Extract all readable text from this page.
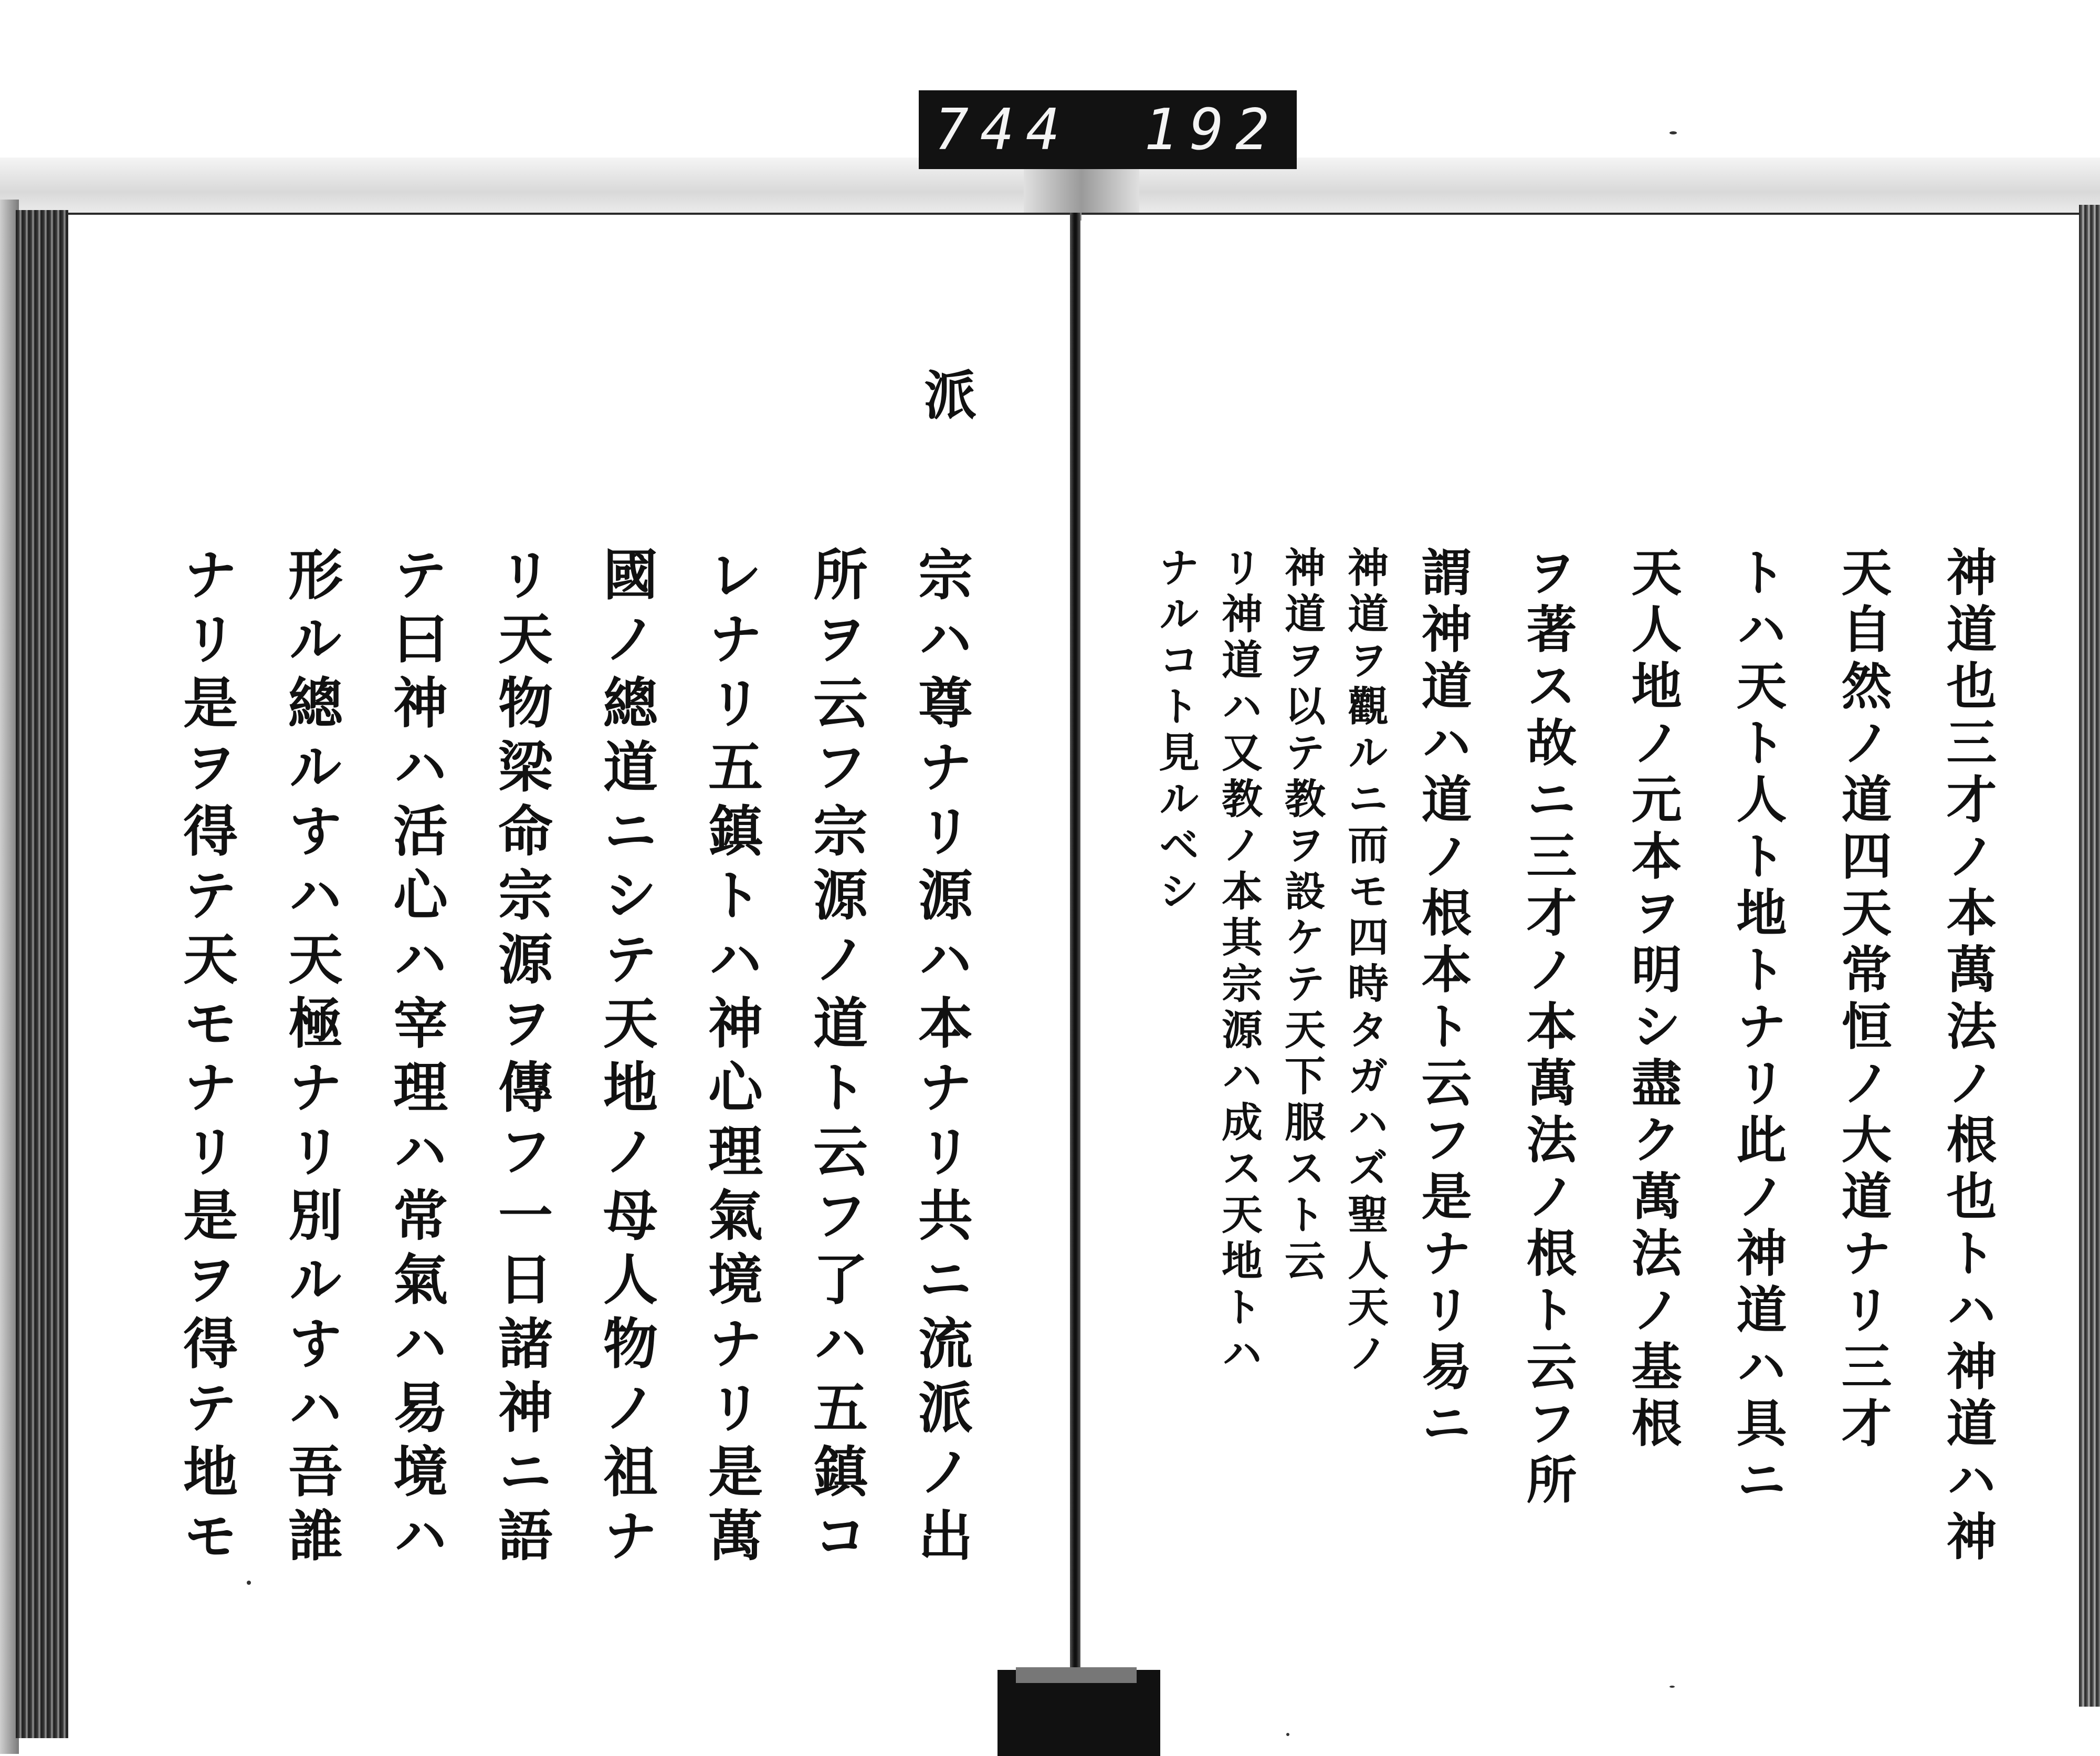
744 192
派
宗ハ尊ナリ源ハ本ナリ共ニ流派ノ出
所ヲ云フ宗源ノ道ト云フ了ハ五鎮コ
レナリ五鎮トハ神心理氣境ナリ是萬
國ノ總道ニシテ天地ノ母人物ノ祖ナ
リ天物梁命宗源ヲ傳フ一日諸神ニ語
テ曰神ハ活心ハ宰理ハ常氣ハ易境ハ
形ル總ルすハ天極ナリ別ルすハ吾誰
ナリ是ヲ得テ天モナリ是ヲ得テ地モ	神道也三才ノ本萬法ノ根也トハ神道ハ神
天自然ノ道四天常恒ノ大道ナリ三才
トハ天ト人ト地トナリ此ノ神道ハ具ニ
天人地ノ元本ヲ明シ盡ク萬法ノ基根
ヲ著ス故ニ三才ノ本萬法ノ根ト云フ所
謂神道ハ道ノ根本ト云フ是ナリ易ニ
神道ヲ觀ルニ而モ四時タガハズ聖人天ノ
神道ヲ以テ教ヲ設ケテ天下服スト云
リ神道ハ又教ノ本其宗源ハ成ス天地トハ
ナルコト見ルベシ
